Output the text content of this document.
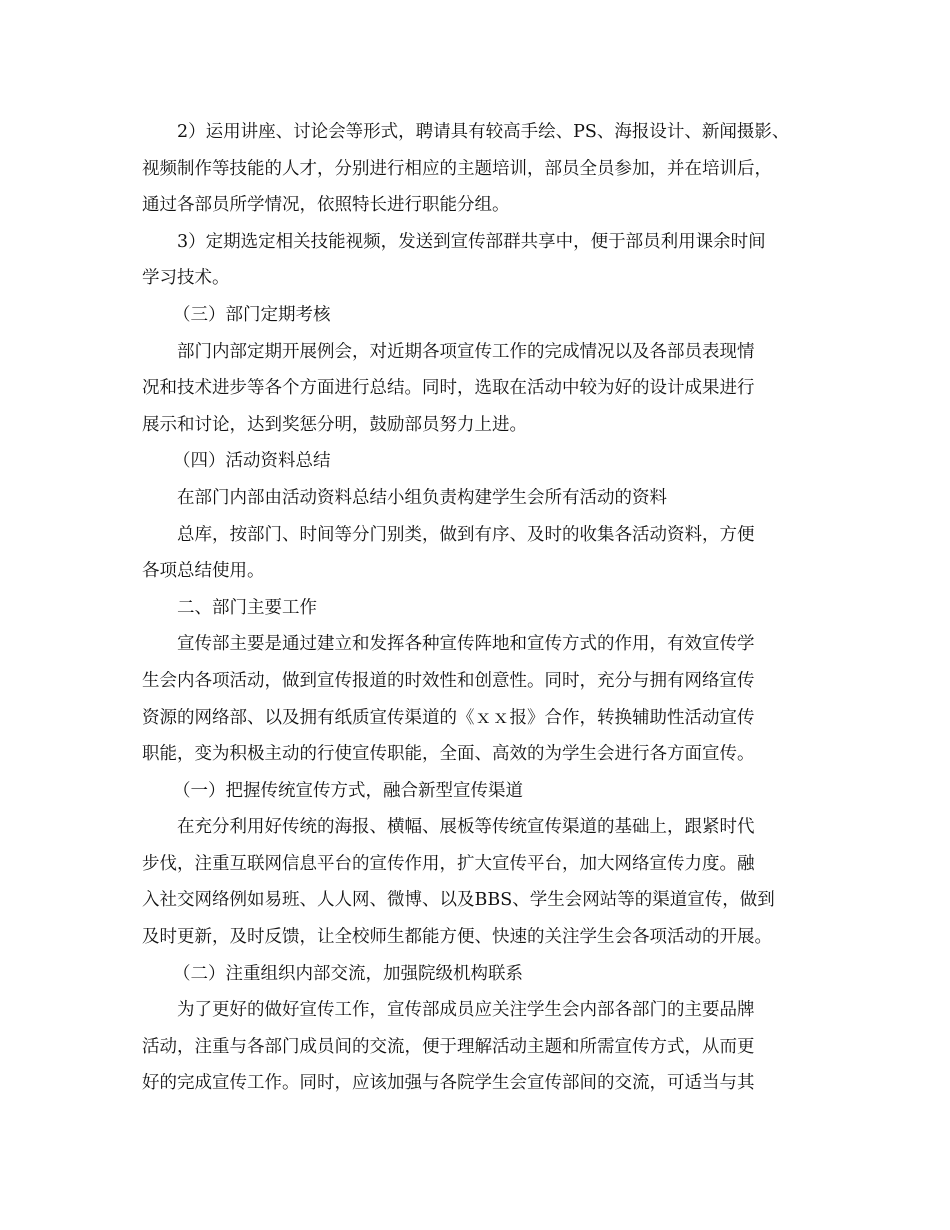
2）运用讲座、讨论会等形式，聘请具有较高手绘、PS、海报设计、新闻摄影、
视频制作等技能的人才，分别进行相应的主题培训，部员全员参加，并在培训后，
通过各部员所学情况，依照特长进行职能分组。
3）定期选定相关技能视频，发送到宣传部群共享中，便于部员利用课余时间
学习技术。
（三）部门定期考核
部门内部定期开展例会，对近期各项宣传工作的完成情况以及各部员表现情
况和技术进步等各个方面进行总结。同时，选取在活动中较为好的设计成果进行
展示和讨论，达到奖惩分明，鼓励部员努力上进。
（四）活动资料总结
在部门内部由活动资料总结小组负责构建学生会所有活动的资料
总库，按部门、时间等分门别类，做到有序、及时的收集各活动资料，方便
各项总结使用。
二、部门主要工作
宣传部主要是通过建立和发挥各种宣传阵地和宣传方式的作用，有效宣传学
生会内各项活动，做到宣传报道的时效性和创意性。同时，充分与拥有网络宣传
资源的网络部、以及拥有纸质宣传渠道的《ｘｘ报》合作，转换辅助性活动宣传
职能，变为积极主动的行使宣传职能，全面、高效的为学生会进行各方面宣传。
（一）把握传统宣传方式，融合新型宣传渠道
在充分利用好传统的海报、横幅、展板等传统宣传渠道的基础上，跟紧时代
步伐，注重互联网信息平台的宣传作用，扩大宣传平台，加大网络宣传力度。融
入社交网络例如易班、人人网、微博、以及BBS、学生会网站等的渠道宣传，做到
及时更新，及时反馈，让全校师生都能方便、快速的关注学生会各项活动的开展。
（二）注重组织内部交流，加强院级机构联系
为了更好的做好宣传工作，宣传部成员应关注学生会内部各部门的主要品牌
活动，注重与各部门成员间的交流，便于理解活动主题和所需宣传方式，从而更
好的完成宣传工作。同时，应该加强与各院学生会宣传部间的交流，可适当与其
